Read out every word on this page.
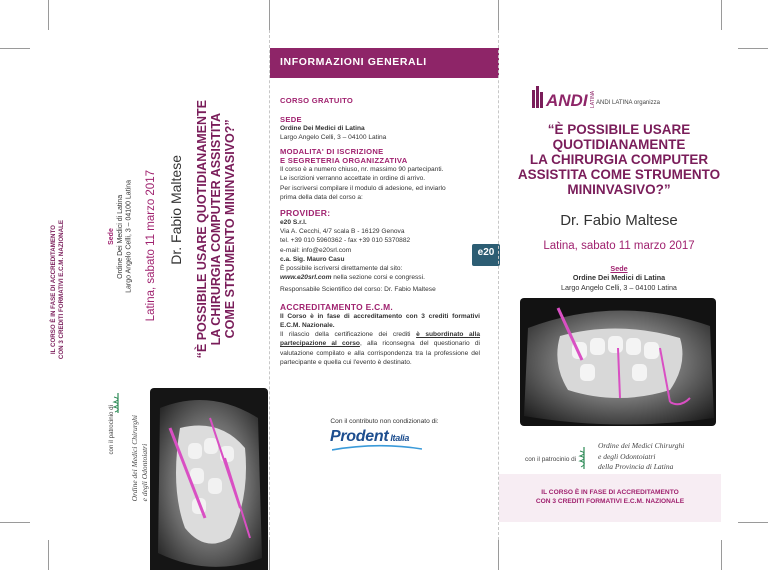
IL CORSO È IN FASE DI ACCREDITAMENTO CON 3 CREDITI FORMATIVI E.C.M. NAZIONALE	Sede Ordine Dei Medici di Latina Largo Angelo Celli, 3 – 04100 Latina Latina, sabato 11 marzo 2017 Dr. Fabio Maltese “È POSSIBILE USARE QUOTIDIANAMENTE LA CHIRURGIA COMPUTER ASSISTITA COME STRUMENTO MININVASIVO?”
con il patrocinio di Ordine dei Medici Chirurghi e degli Odontoiatri
INFORMAZIONI GENERALI
CORSO GRATUITO
SEDE
Ordine Dei Medici di Latina
Largo Angelo Celli, 3 – 04100 Latina
MODALITA' DI ISCRIZIONE
E SEGRETERIA ORGANIZZATIVA
Il corso è a numero chiuso, nr. massimo 90 partecipanti.
Le iscrizioni verranno accettate in ordine di arrivo.
Per iscriversi compilare il modulo di adesione, ed inviarlo
prima della data del corso a:
PROVIDER:
e20 S.r.l.
Via A. Cecchi, 4/7 scala B - 16129 Genova
tel. +39 010 5960362 - fax +39 010 5370882
e-mail: info@e20srl.com
c.a. Sig. Mauro Casu
È possibile iscriversi direttamente dal sito:
www.e20srl.com nella sezione corsi e congressi.
Responsabile Scientifico del corso: Dr. Fabio Maltese
e20
ACCREDITAMENTO E.C.M.
Il Corso è in fase di accreditamento con 3 crediti formativi E.C.M. Nazionale.
Il rilascio della certificazione dei crediti è subordinato alla partecipazione al corso, alla riconsegna del questionario di valutazione compilato e alla corrispondenza tra la professione del partecipante e quella cui l'evento è destinato.
Con il contributo non condizionato di:
Prodent Italia
ANDI LATINA ANDI LATINA organizza
“È POSSIBILE USARE
QUOTIDIANAMENTE
LA CHIRURGIA COMPUTER
ASSISTITA COME STRUMENTO
MININVASIVO?”
Dr. Fabio Maltese
Latina, sabato 11 marzo 2017
Sede
Ordine Dei Medici di Latina
Largo Angelo Celli, 3 – 04100 Latina
con il patrocinio di
Ordine dei Medici Chirurghi
e degli Odontoiatri
della Provincia di Latina
IL CORSO È IN FASE DI ACCREDITAMENTO
CON 3 CREDITI FORMATIVI E.C.M. NAZIONALE
